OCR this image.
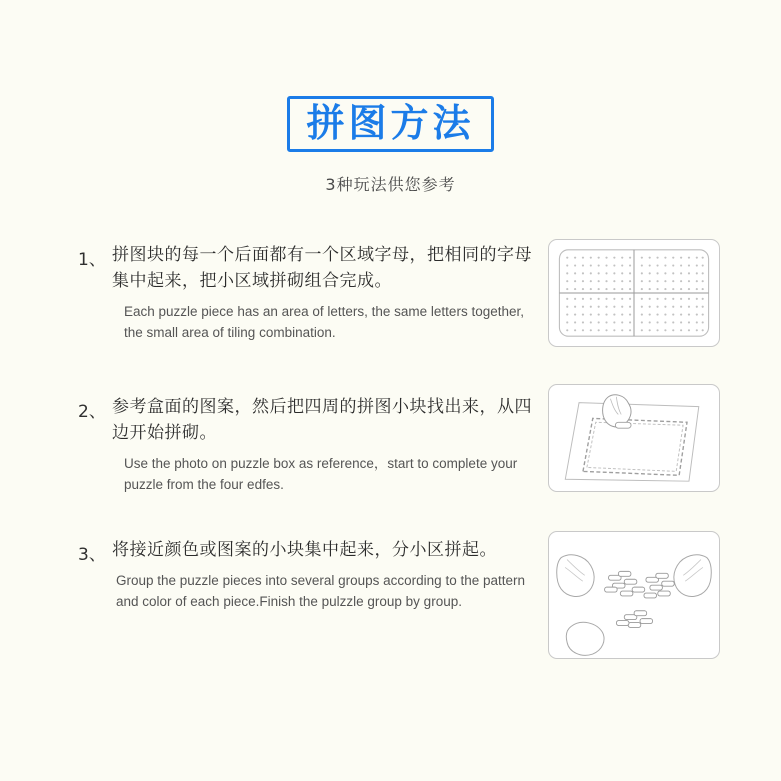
拼图方法
3种玩法供您参考
1、 拼图块的每一个后面都有一个区域字母，把相同的字母集中起来，把小区域拼砌组合完成。
Each puzzle piece has an area of letters, the same letters together, the small area of tiling combination.
2、 参考盒面的图案，然后把四周的拼图小块找出来，从四边开始拼砌。
Use the photo on puzzle box as reference，start to complete your puzzle from the four edfes.
3、 将接近颜色或图案的小块集中起来，分小区拼起。
Group the puzzle pieces into several groups according to the pattern and color of each piece.Finish the pulzzle group by group.
